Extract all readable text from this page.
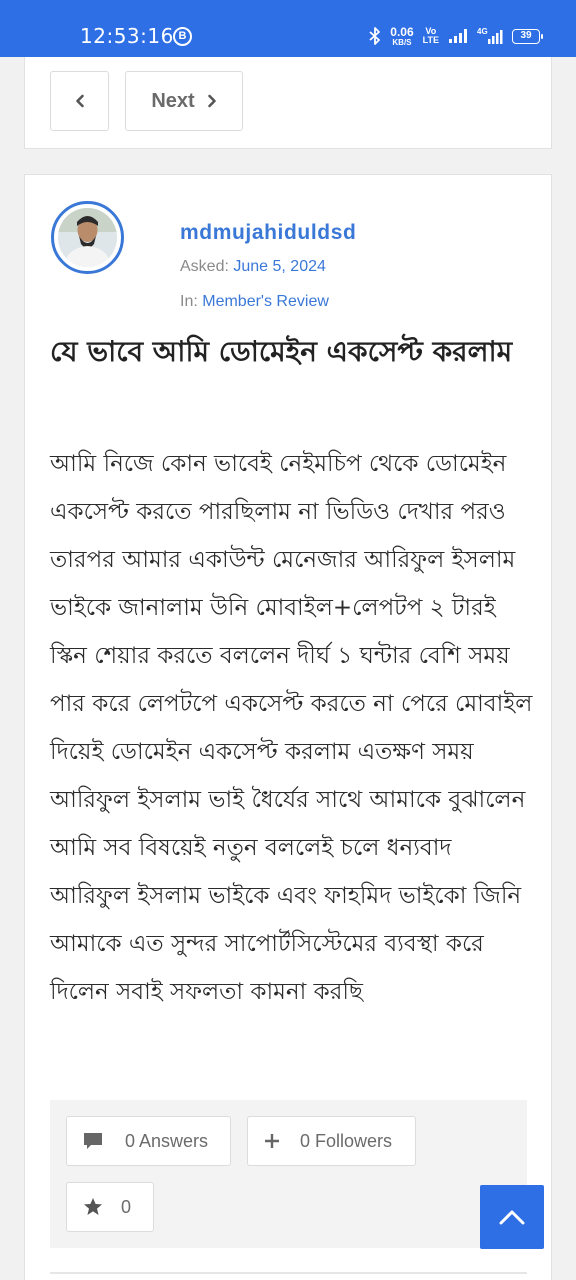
12:53:16 B	0.06
KB/S
Vo
LTE
4G	39
Next
mdmujahiduldsd
Asked: June 5, 2024
In: Member's Review
যে ভাবে আমি ডোমেইন একসেপ্ট করলাম

আমি নিজে কোন ভাবেই নেইমচিপ থেকে ডোমেইন একসেপ্ট করতে পারছিলাম না ভিডিও দেখার পরও তারপর আমার একাউন্ট মেনেজার আরিফুল ইসলাম ভাইকে জানালাম উনি মোবাইল+লেপটপ ২ টারই স্কিন শেয়ার করতে বললেন দীর্ঘ ১ ঘন্টার বেশি সময় পার করে লেপটপে একসেপ্ট করতে না পেরে মোবাইল দিয়েই ডোমেইন একসেপ্ট করলাম এতক্ষণ সময় আরিফুল ইসলাম ভাই ধৈর্যের সাথে আমাকে বুঝালেন আমি সব বিষয়েই নতুন বললেই চলে ধন্যবাদ আরিফুল ইসলাম ভাইকে এবং ফাহমিদ ভাইকো জিনি আমাকে এত সুন্দর সাপোর্টসিস্টেমের ব্যবস্থা করে দিলেন সবাই সফলতা কামনা করছি

0 Answers	0 Followers
0
